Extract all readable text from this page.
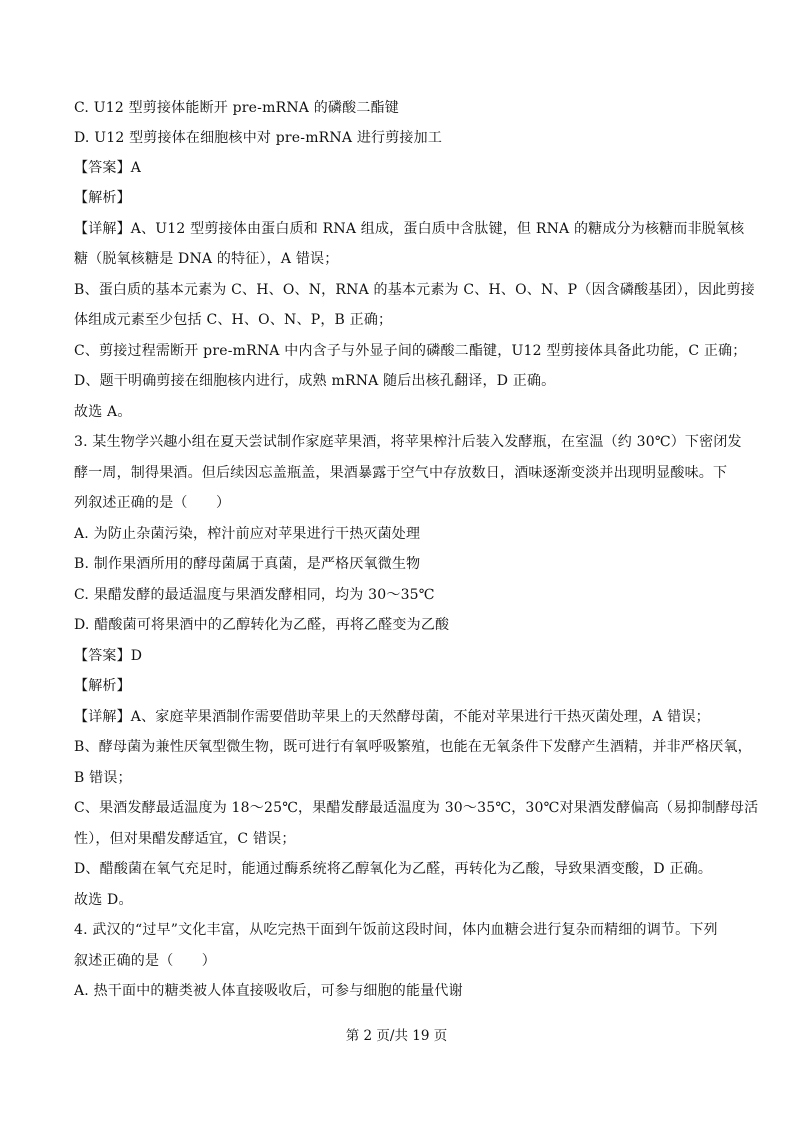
C. U12 型剪接体能断开 pre-mRNA 的磷酸二酯键
D. U12 型剪接体在细胞核中对 pre-mRNA 进行剪接加工
【答案】A
【解析】
【详解】A、U12 型剪接体由蛋白质和 RNA 组成，蛋白质中含肽键，但 RNA 的糖成分为核糖而非脱氧核
糖（脱氧核糖是 DNA 的特征），A 错误；
B、蛋白质的基本元素为 C、H、O、N，RNA 的基本元素为 C、H、O、N、P（因含磷酸基团），因此剪接
体组成元素至少包括 C、H、O、N、P，B 正确；
C、剪接过程需断开 pre-mRNA 中内含子与外显子间的磷酸二酯键，U12 型剪接体具备此功能，C 正确；
D、题干明确剪接在细胞核内进行，成熟 mRNA 随后出核孔翻译，D 正确。
故选 A。
3. 某生物学兴趣小组在夏天尝试制作家庭苹果酒，将苹果榨汁后装入发酵瓶，在室温（约 30℃）下密闭发
酵一周，制得果酒。但后续因忘盖瓶盖，果酒暴露于空气中存放数日，酒味逐渐变淡并出现明显酸味。下
列叙述正确的是（　　）
A. 为防止杂菌污染，榨汁前应对苹果进行干热灭菌处理
B. 制作果酒所用的酵母菌属于真菌，是严格厌氧微生物
C. 果醋发酵的最适温度与果酒发酵相同，均为 30～35℃
D. 醋酸菌可将果酒中的乙醇转化为乙醛，再将乙醛变为乙酸
【答案】D
【解析】
【详解】A、家庭苹果酒制作需要借助苹果上的天然酵母菌，不能对苹果进行干热灭菌处理，A 错误；
B、酵母菌为兼性厌氧型微生物，既可进行有氧呼吸繁殖，也能在无氧条件下发酵产生酒精，并非严格厌氧，
B 错误；
C、果酒发酵最适温度为 18～25℃，果醋发酵最适温度为 30～35℃，30℃对果酒发酵偏高（易抑制酵母活
性），但对果醋发酵适宜，C 错误；
D、醋酸菌在氧气充足时，能通过酶系统将乙醇氧化为乙醛，再转化为乙酸，导致果酒变酸，D 正确。
故选 D。
4. 武汉的“过早”文化丰富，从吃完热干面到午饭前这段时间，体内血糖会进行复杂而精细的调节。下列
叙述正确的是（　　）
A. 热干面中的糖类被人体直接吸收后，可参与细胞的能量代谢
第 2 页/共 19 页
